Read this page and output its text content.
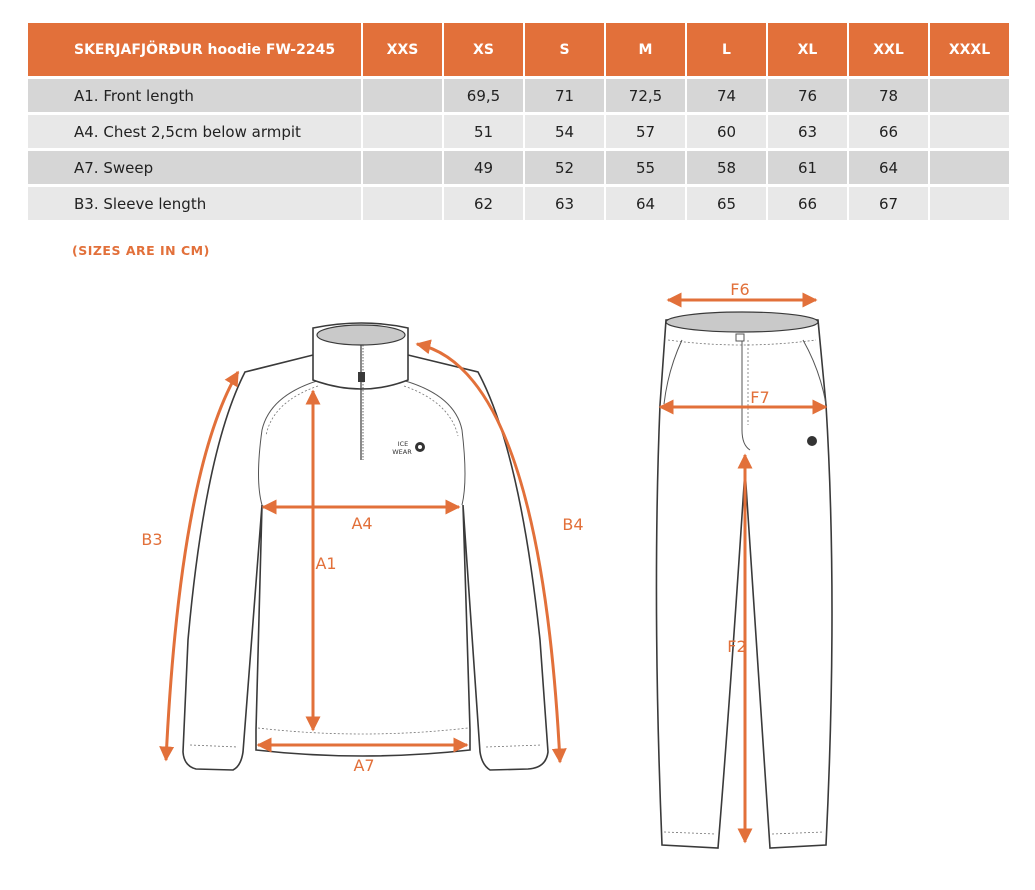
SKERJAFJÖRÐUR hoodie FW-2245	XXS	XS	S	M	L	XL	XXL	XXXL
A1. Front length		69,5	71	72,5	74	76	78	
A4. Chest 2,5cm below armpit		51	54	57	60	63	66	
A7. Sweep		49	52	55	58	61	64	
B3. Sleeve length		62	63	64	65	66	67	
(SIZES ARE IN CM)
ICE
WEAR
A1
A4
A7
B3
B4
F6
F7
F2
